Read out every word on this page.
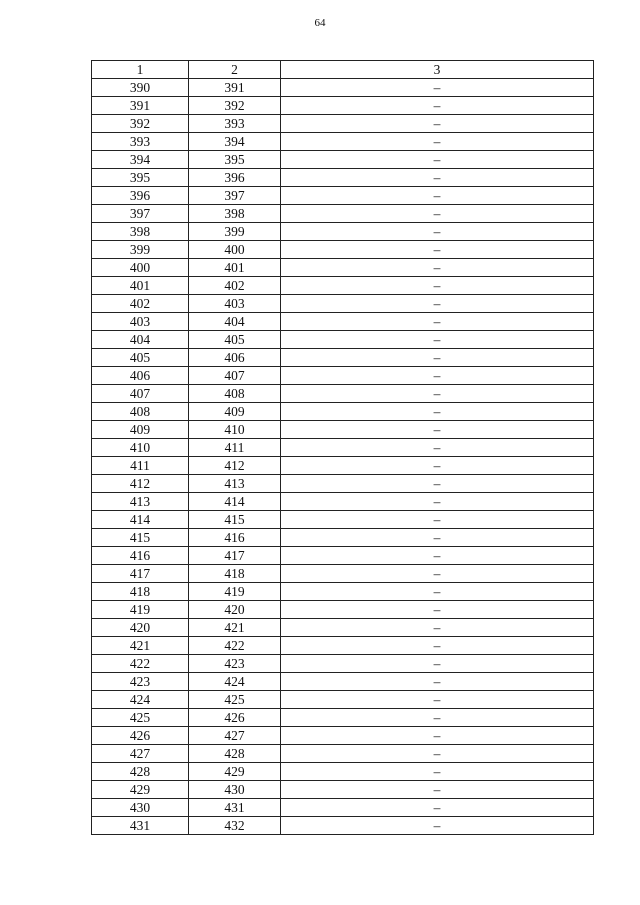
64
1	2	3
390	391	–
391	392	–
392	393	–
393	394	–
394	395	–
395	396	–
396	397	–
397	398	–
398	399	–
399	400	–
400	401	–
401	402	–
402	403	–
403	404	–
404	405	–
405	406	–
406	407	–
407	408	–
408	409	–
409	410	–
410	411	–
411	412	–
412	413	–
413	414	–
414	415	–
415	416	–
416	417	–
417	418	–
418	419	–
419	420	–
420	421	–
421	422	–
422	423	–
423	424	–
424	425	–
425	426	–
426	427	–
427	428	–
428	429	–
429	430	–
430	431	–
431	432	–
